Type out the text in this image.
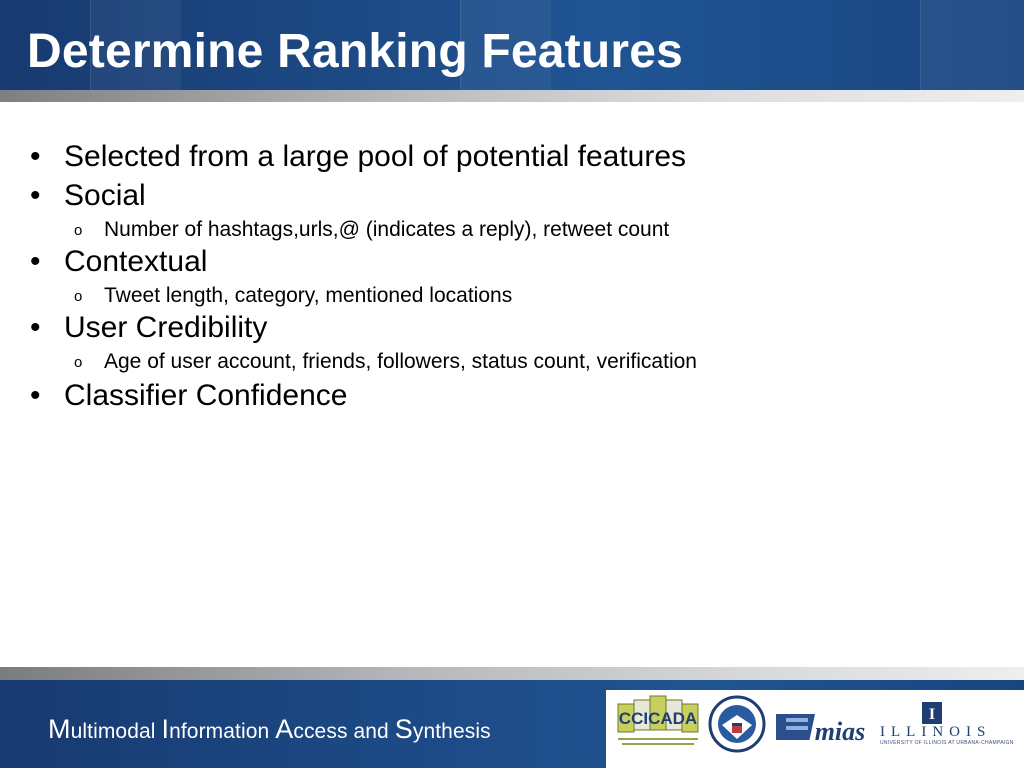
Determine Ranking Features
• Selected from a large pool of potential features
• Social
o Number of hashtags,urls,@ (indicates a reply), retweet count
• Contextual
o Tweet length, category, mentioned locations
• User Credibility
o Age of user account, friends, followers, status count, verification
• Classifier Confidence
Multimodal Information Access and Synthesis
CCICADA	mias
I
ILLINOIS
UNIVERSITY OF ILLINOIS AT URBANA-CHAMPAIGN
